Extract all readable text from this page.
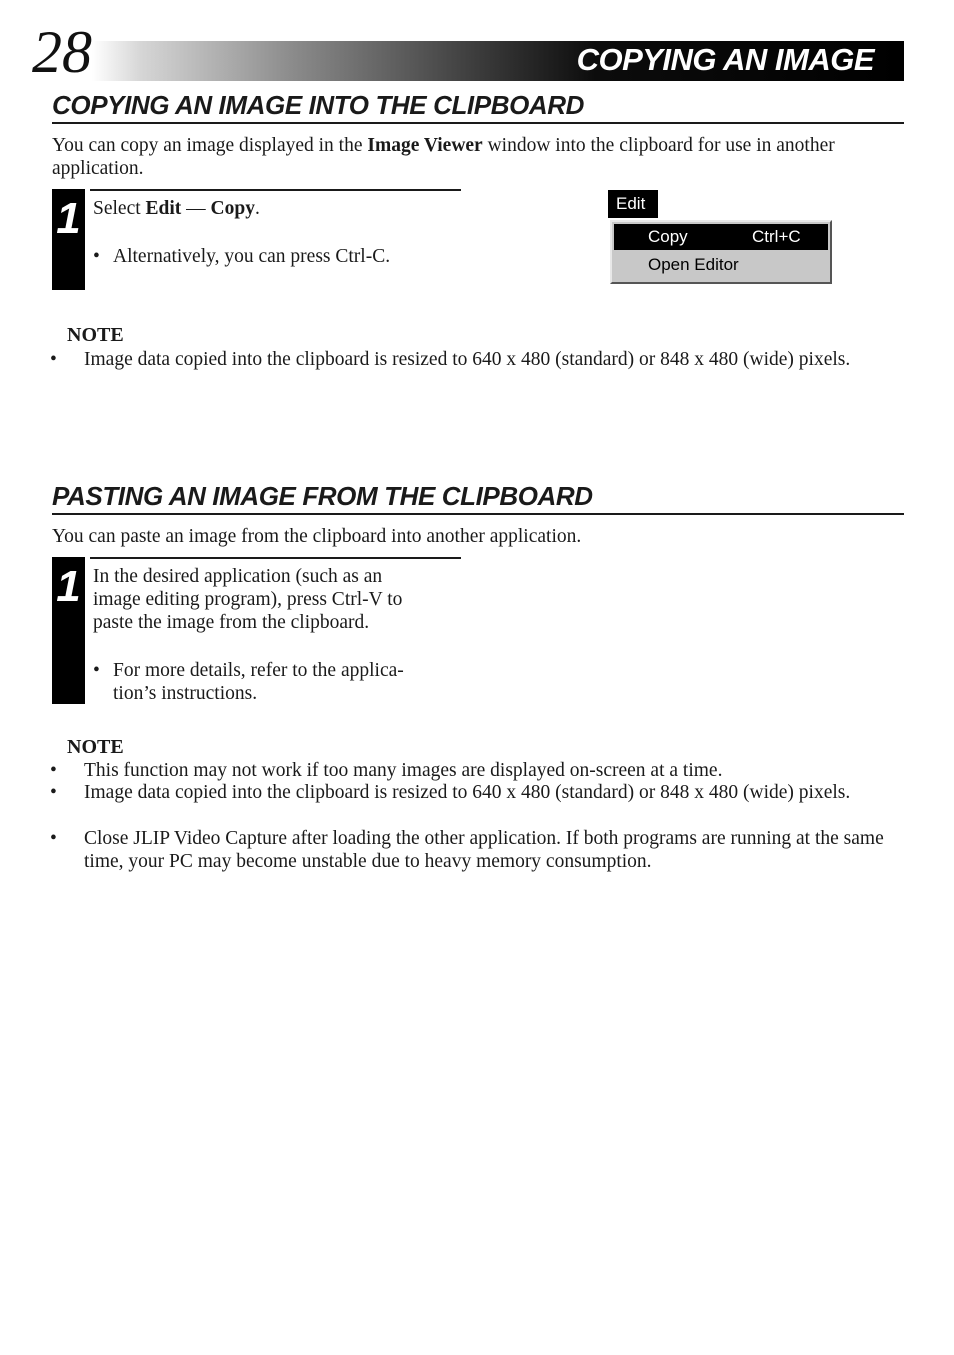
28	COPYING AN IMAGE
COPYING AN IMAGE INTO THE CLIPBOARD
You can copy an image displayed in the Image Viewer window into the clipboard for use in another application.
1 Select Edit — Copy.
• Alternatively, you can press Ctrl-C.
Edit
Copy	Ctrl+C
Open Editor
NOTE
• Image data copied into the clipboard is resized to 640 x 480 (standard) or 848 x 480 (wide) pixels.
PASTING AN IMAGE FROM THE CLIPBOARD
You can paste an image from the clipboard into another application.
1 In the desired application (such as an
image editing program), press Ctrl-V to
paste the image from the clipboard.
• For more details, refer to the applica-
tion’s instructions.
NOTE
• This function may not work if too many images are displayed on-screen at a time.
• Image data copied into the clipboard is resized to 640 x 480 (standard) or 848 x 480 (wide) pixels.
• Close JLIP Video Capture after loading the other application. If both programs are running at the same time, your PC may become unstable due to heavy memory consumption.
